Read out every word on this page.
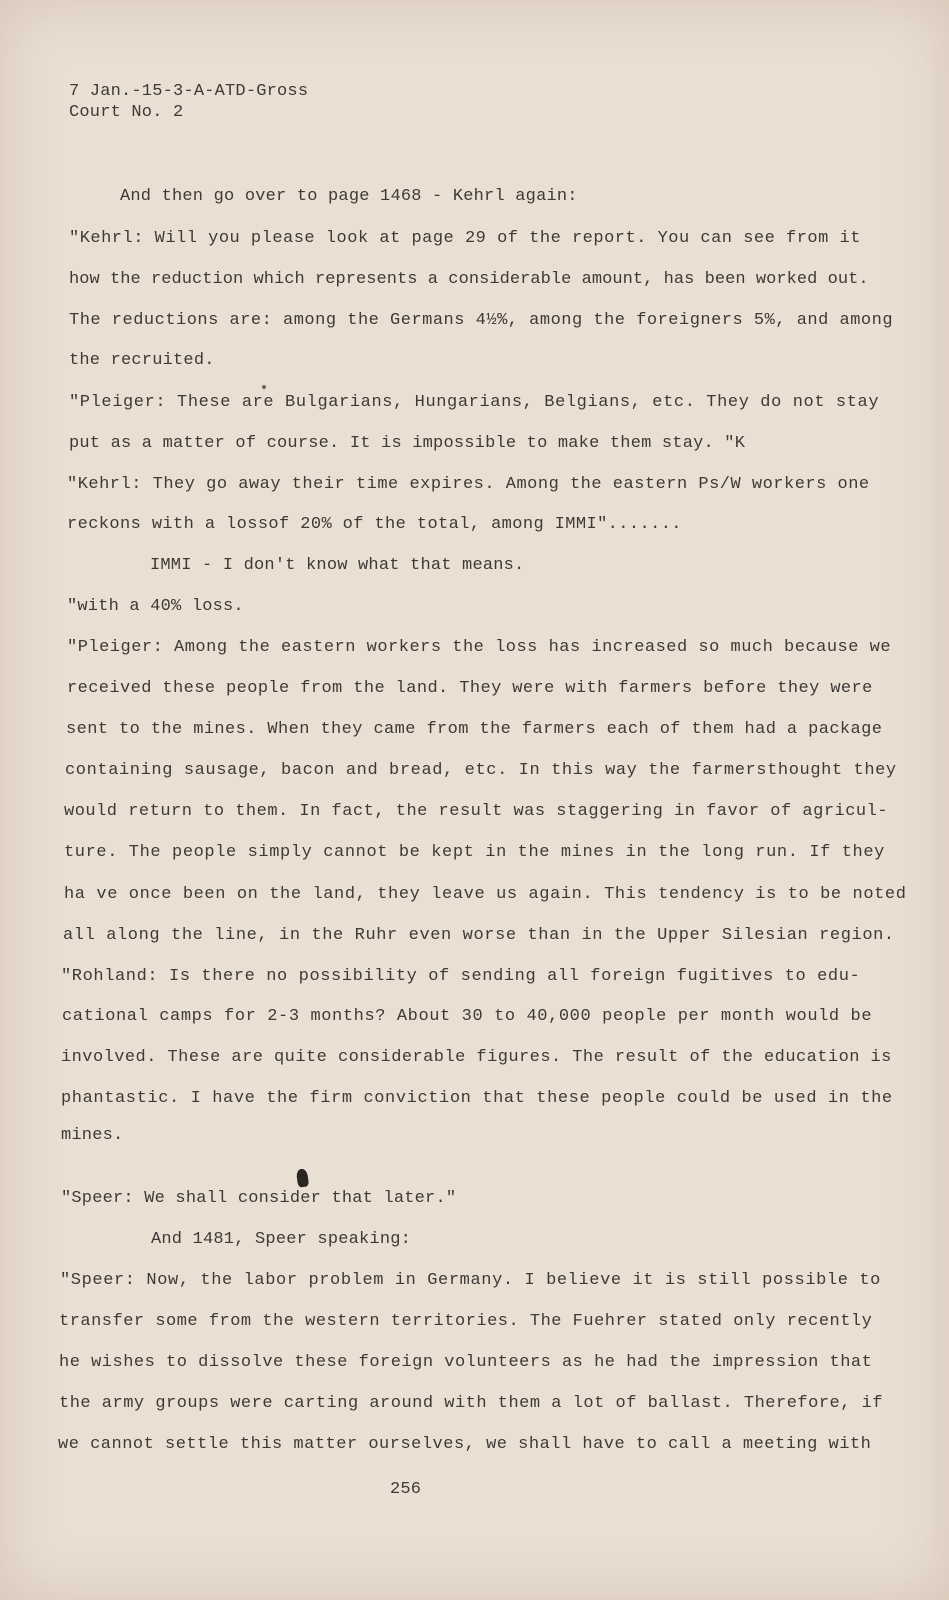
7 Jan.-15-3-A-ATD-Gross
Court No. 2
And then go over to page 1468 - Kehrl again:
"Kehrl: Will you please look at page 29 of the report. You can see from it
how the reduction which represents a considerable amount, has been worked out.
The reductions are: among the Germans 4½%, among the foreigners 5%, and among
the recruited.
"Pleiger: These are Bulgarians, Hungarians, Belgians, etc. They do not stay
put as a matter of course. It is impossible to make them stay. "K
"Kehrl: They go away their time expires. Among the eastern Ps/W workers one
reckons with a lossof 20% of the total, among IMMI".......
IMMI - I don't know what that means.
"with a 40% loss.
"Pleiger: Among the eastern workers the loss has increased so much because we
received these people from the land. They were with farmers before they were
sent to the mines. When they came from the farmers each of them had a package
containing sausage, bacon and bread, etc. In this way the farmersthought they
would return to them. In fact, the result was staggering in favor of agricul-
ture. The people simply cannot be kept in the mines in the long run. If they
ha ve once been on the land, they leave us again. This tendency is to be noted
all along the line, in the Ruhr even worse than in the Upper Silesian region.
"Rohland: Is there no possibility of sending all foreign fugitives to edu-
cational camps for 2-3 months? About 30 to 40,000 people per month would be
involved. These are quite considerable figures. The result of the education is
phantastic. I have the firm conviction that these people could be used in the
mines.
"Speer: We shall consider that later."
And 1481, Speer speaking:
"Speer: Now, the labor problem in Germany. I believe it is still possible to
transfer some from the western territories. The Fuehrer stated only recently
he wishes to dissolve these foreign volunteers as he had the impression that
the army groups were carting around with them a lot of ballast. Therefore, if
we cannot settle this matter ourselves, we shall have to call a meeting with
256
